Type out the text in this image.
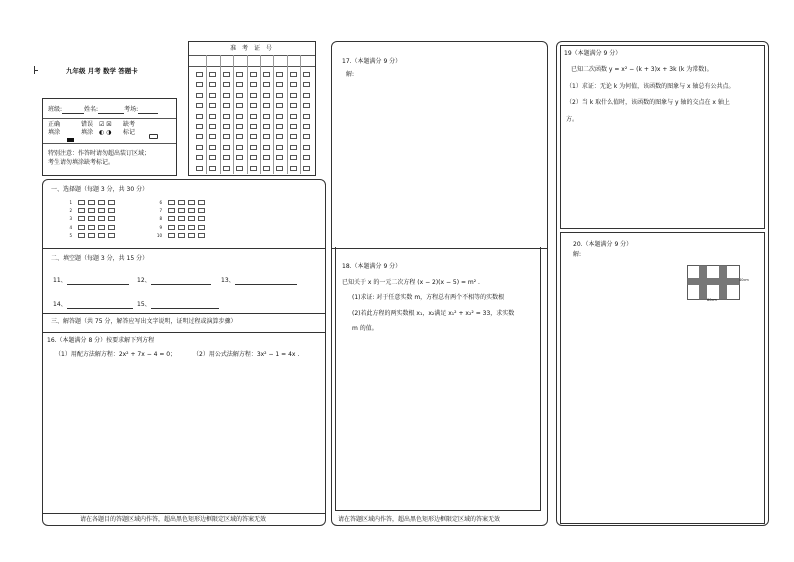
九年级 月考 数学 答题卡
准 考 证 号
班级:	姓名:	考场:
正确
填涂
错误
填涂
☑ ☒
◐ ◑
缺考
标记
特别注意：作答时请勿超出装订区域；
考生请勿填涂缺考标记。
一、选择题（每题 3 分，共 30 分）
1
2
3
4
5
6
7
8
9
10
二、填空题（每题 3 分，共 15 分）
11、	12、	13、
14、	15、
三、解答题（共 75 分，解答应写出文字说明，证明过程或演算步骤）
16.（本题满分 8 分）按要求解下列方程
（1）用配方法解方程：2x² + 7x − 4 = 0；	（2）用公式法解方程：3x² − 1 = 4x .
请在各题目的答题区域内作答，超出黑色矩形边框限定区域的答案无效
17.（本题满分 9 分）
解:
18.（本题满分 9 分）
已知关于 x 的一元二次方程 (x − 2)(x − 5) = m² .
(1)求证: 对于任意实数 m，方程总有两个不相等的实数根
(2)若此方程的两实数根 x₁，x₂满足 x₁² + x₂² = 33，求实数
m 的值。
请在答题区域内作答，超出黑色矩形边框限定区域的答案无效
19（本题满分 9 分）
已知二次函数 y = x² − (k + 3)x + 3k (k 为常数)。
（1）求证：无论 k 为何值，该函数的图象与 x 轴总有公共点。
（2）当 k 取什么值时，该函数的图象与 y 轴的交点在 x 轴上
方。
20.（本题满分 9 分）
解:
40cm
80cm
